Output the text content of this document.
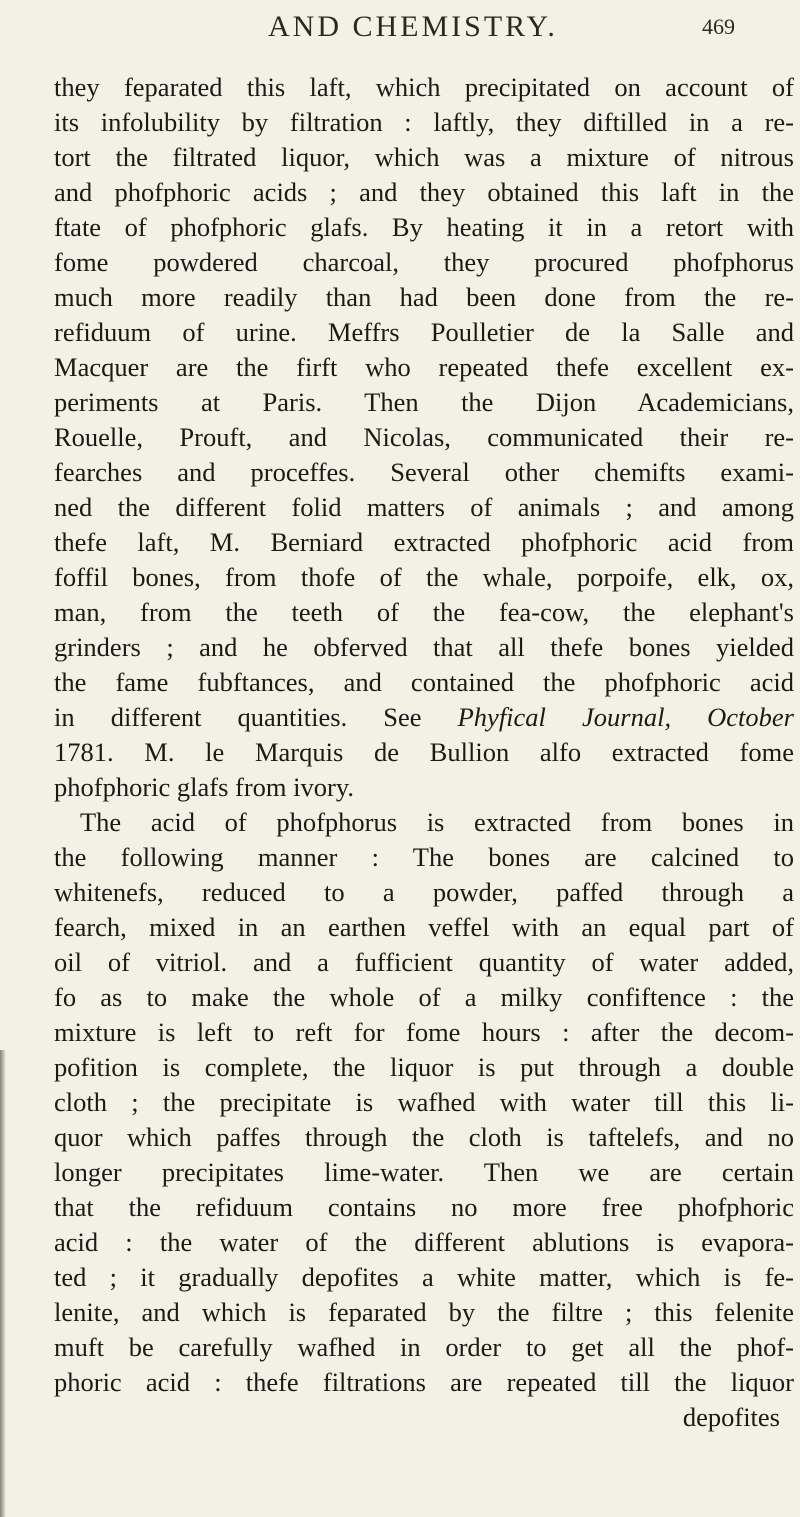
AND CHEMISTRY.	469
they feparated this laft, which precipitated on account of
its infolubility by filtration : laftly, they diftilled in a re-
tort the filtrated liquor, which was a mixture of nitrous
and phofphoric acids ; and they obtained this laft in the
ftate of phofphoric glafs. By heating it in a retort with
fome powdered charcoal, they procured phofphorus
much more readily than had been done from the re-
refiduum of urine. Meffrs Poulletier de la Salle and
Macquer are the firft who repeated thefe excellent ex-
periments at Paris. Then the Dijon Academicians,
Rouelle, Prouft, and Nicolas, communicated their re-
fearches and proceffes. Several other chemifts exami-
ned the different folid matters of animals ; and among
thefe laft, M. Berniard extracted phofphoric acid from
foffil bones, from thofe of the whale, porpoife, elk, ox,
man, from the teeth of the fea-cow, the elephant's
grinders ; and he obferved that all thefe bones yielded
the fame fubftances, and contained the phofphoric acid
in different quantities. See Phyfical Journal, October
1781. M. le Marquis de Bullion alfo extracted fome
phofphoric glafs from ivory.
The acid of phofphorus is extracted from bones in
the following manner : The bones are calcined to
whitenefs, reduced to a powder, paffed through a
fearch, mixed in an earthen veffel with an equal part of
oil of vitriol. and a fufficient quantity of water added,
fo as to make the whole of a milky confiftence : the
mixture is left to reft for fome hours : after the decom-
pofition is complete, the liquor is put through a double
cloth ; the precipitate is wafhed with water till this li-
quor which paffes through the cloth is taftelefs, and no
longer precipitates lime-water. Then we are certain
that the refiduum contains no more free phofphoric
acid : the water of the different ablutions is evapora-
ted ; it gradually depofites a white matter, which is fe-
lenite, and which is feparated by the filtre ; this felenite
muft be carefully wafhed in order to get all the phof-
phoric acid : thefe filtrations are repeated till the liquor
depofites
